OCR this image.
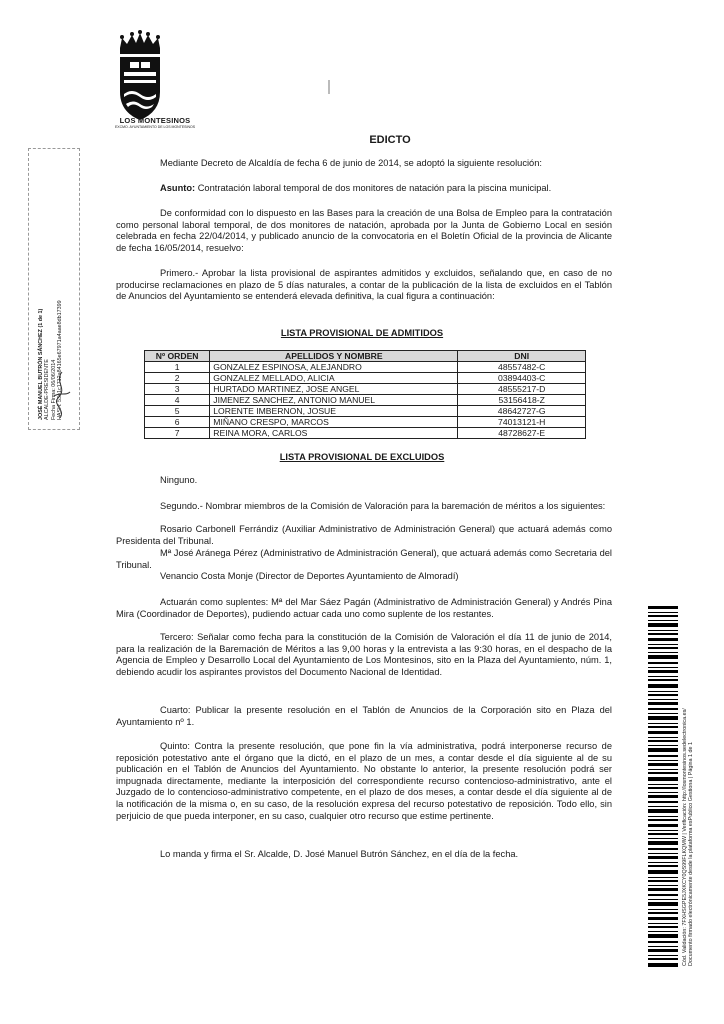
LOS MONTESINOS
EXCMO. AYUNTAMIENTO DE LOS MONTESINOS
JOSÉ MANUEL BUTRÓN SÁNCHEZ (1 de 1) ALCALDE-PRESIDENTE Fecha Firma: 06/06/2014 HASH: 53e1c1712a84165e67971a4aae8db17399
EDICTO

Mediante Decreto de Alcaldía de fecha 6 de junio de 2014, se adoptó la siguiente resolución:

Asunto: Contratación laboral temporal de dos monitores de natación para la piscina municipal.

De conformidad con lo dispuesto en las Bases para la creación de una Bolsa de Empleo para la contratación como personal laboral temporal, de dos monitores de natación, aprobada por la Junta de Gobierno Local en sesión celebrada en fecha 22/04/2014, y publicado anuncio de la convocatoria en el Boletín Oficial de la provincia de Alicante de fecha 16/05/2014, resuelvo:

Primero.- Aprobar la lista provisional de aspirantes admitidos y excluidos, señalando que, en caso de no producirse reclamaciones en plazo de 5 días naturales, a contar de la publicación de la lista de excluidos en el Tablón de Anuncios del Ayuntamiento se entenderá elevada definitiva, la cual figura a continuación:

LISTA PROVISIONAL DE ADMITIDOS
Nº ORDEN	APELLIDOS Y NOMBRE	DNI
1	GONZALEZ ESPINOSA, ALEJANDRO	48557482-C
2	GONZALEZ MELLADO, ALICIA	03894403-C
3	HURTADO MARTINEZ, JOSE ANGEL	48555217-D
4	JIMENEZ SANCHEZ, ANTONIO MANUEL	53156418-Z
5	LORENTE IMBERNON, JOSUE	48642727-G
6	MIÑANO CRESPO, MARCOS	74013121-H
7	REINA MORA, CARLOS	48728627-E
LISTA PROVISIONAL DE EXCLUIDOS

Ninguno.

Segundo.- Nombrar miembros de la Comisión de Valoración para la baremación de méritos a los siguientes:

Rosario Carbonell Ferrándiz (Auxiliar Administrativo de Administración General) que actuará además como Presidenta del Tribunal.

Mª José Aránega Pérez (Administrativo de Administración General), que actuará además como Secretaria del Tribunal.

Venancio Costa Monje (Director de Deportes Ayuntamiento de Almoradí)

Actuarán como suplentes: Mª del Mar Sáez Pagán (Administrativo de Administración General) y Andrés Pina Mira (Coordinador de Deportes), pudiendo actuar cada uno como suplente de los restantes.

Tercero: Señalar como fecha para la constitución de la Comisión de Valoración el día 11 de junio de 2014, para la realización de la Baremación de Méritos a las 9,00 horas y la entrevista a las 9:30 horas, en el despacho de la Agencia de Empleo y Desarrollo Local del Ayuntamiento de Los Montesinos, sito en la Plaza del Ayuntamiento, núm. 1, debiendo acudir los aspirantes provistos del Documento Nacional de Identidad.

Cuarto: Publicar la presente resolución en el Tablón de Anuncios de la Corporación sito en Plaza del Ayuntamiento nº 1.

Quinto: Contra la presente resolución, que pone fin la vía administrativa, podrá interponerse recurso de reposición potestativo ante el órgano que la dictó, en el plazo de un mes, a contar desde el día siguiente al de su publicación en el Tablón de Anuncios del Ayuntamiento. No obstante lo anterior, la presente resolución podrá ser impugnada directamente, mediante la interposición del correspondiente recurso contencioso-administrativo, ante el Juzgado de lo contencioso-administrativo competente, en el plazo de dos meses, a contar desde el día siguiente al de la notificación de la misma o, en su caso, de la resolución expresa del recurso potestativo de reposición. Todo ello, sin perjuicio de que pueda interponer, en su caso, cualquier otro recurso que estime pertinente.

Lo manda y firma el Sr. Alcalde, D. José Manuel Butrón Sánchez, en el día de la fecha.	Cód. Validación: 7FXHSGPE5JXKCY0QS99FLKQMW | Verificación: http://losmontesinos.sedelectronica.es/ Documento firmado electrónicamente desde la plataforma esPublico Gestiona | Página 1 de 1
